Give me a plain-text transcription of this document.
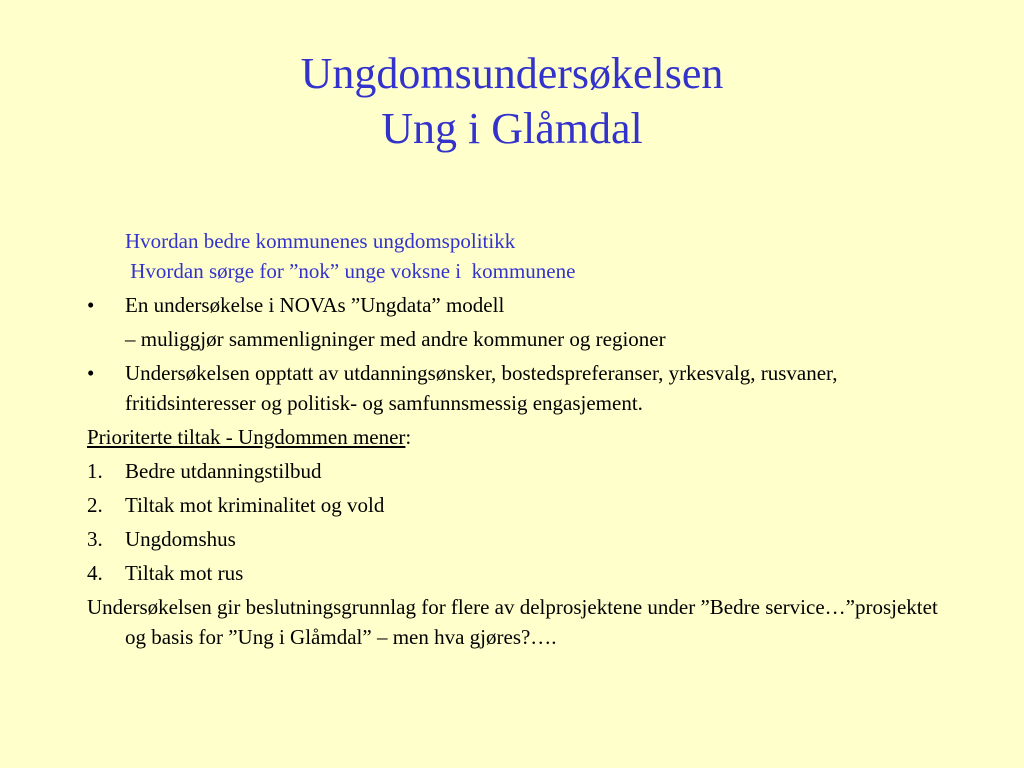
Ungdomsundersøkelsen
Ung i Glåmdal
Hvordan bedre kommunenes ungdomspolitikk
Hvordan sørge for ”nok” unge voksne i  kommunene
• En undersøkelse i NOVAs ”Ungdata” modell
– muliggjør sammenligninger med andre kommuner og regioner
• Undersøkelsen opptatt av utdanningsønsker, bostedspreferanser, yrkesvalg, rusvaner, fritidsinteresser og politisk- og samfunnsmessig engasjement.
Prioriterte tiltak - Ungdommen mener:
1. Bedre utdanningstilbud
2. Tiltak mot kriminalitet og vold
3. Ungdomshus
4. Tiltak mot rus
Undersøkelsen gir beslutningsgrunnlag for flere av delprosjektene under ”Bedre service…”prosjektet og basis for ”Ung i Glåmdal” – men hva gjøres?….
